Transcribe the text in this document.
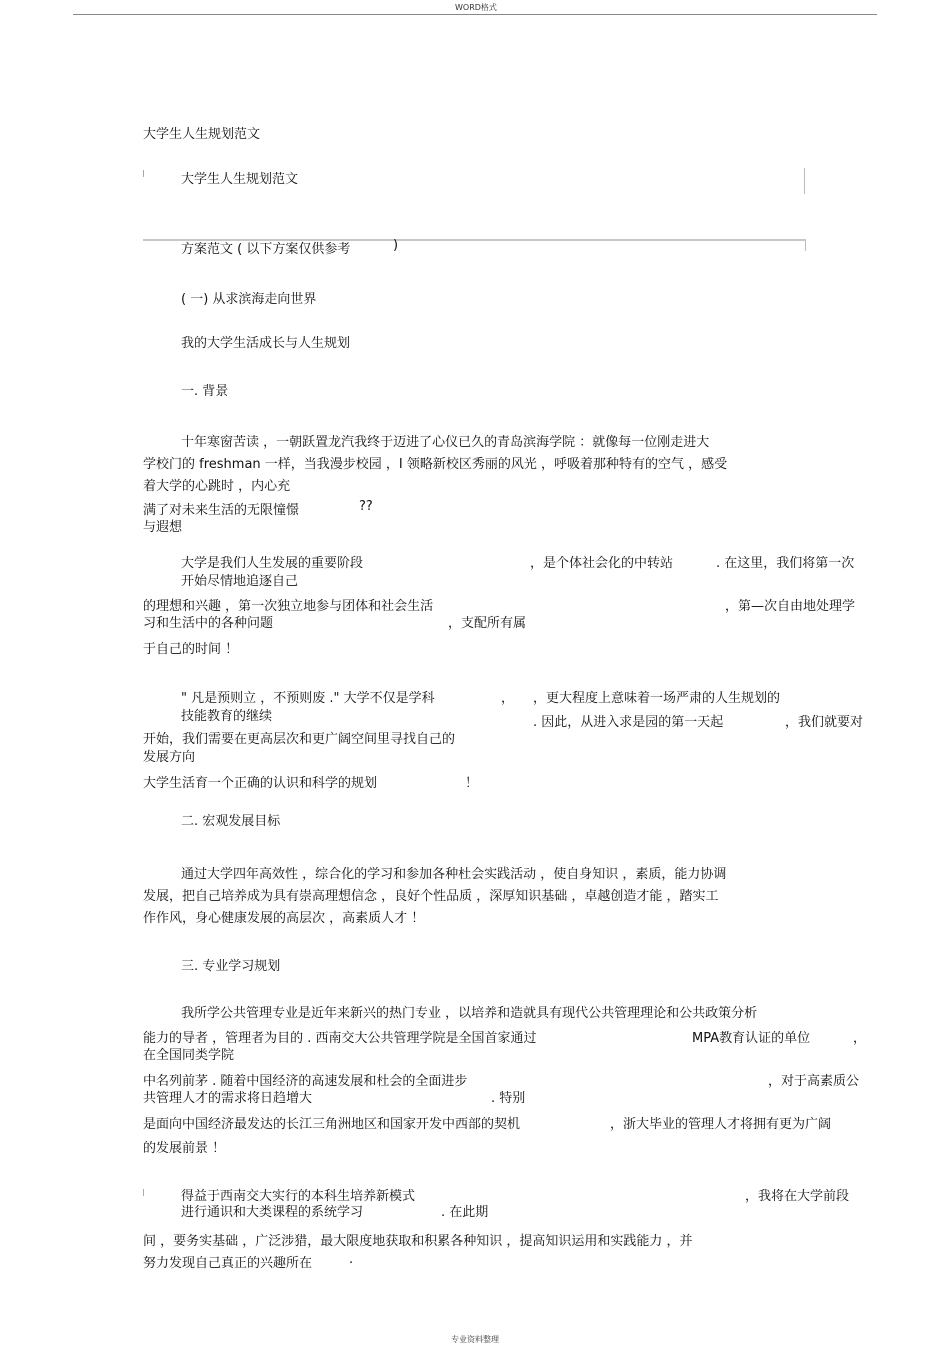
WORD格式
大学生人生规划范文
大学生人生规划范文
方案范文 ( 以下方案仅供参考	)
( 一) 从求滨海走向世界
我的大学生活成长与人生规划
一. 背景
十年寒窗苦读 ，一朝跃置龙汽我终于迈进了心仪已久的青岛滨海学院 ：就像每一位刚走进大
学校门的 freshman 一样，当我漫步校园 ，I 领略新校区秀丽的风光 ，呼吸着那种特有的空气 ，感受
着大学的心跳时 ，内心充
满了对未来生活的无限憧憬	??
与遐想
大学是我们人生发展的重要阶段	，是个体社会化的中转站	. 在这里，我们将第一次
开始尽情地追逐自己
的理想和兴趣 ，第一次独立地参与团体和社会生活	，第—次自由地处理学
习和生活中的各种问题	，支配所有属
于自己的时间 ！
" 凡是预则立 ，不预则废 ." 大学不仅是学科	， ，更大程度上意味着一场严肃的人生规划的
技能教育的继续	. 因此，从进入求是园的第一天起	，我们就要对
开始，我们需要在更高层次和更广阔空间里寻找自己的
发展方向
大学生活育一个正确的认识和科学的规划	！
二. 宏观发展目标
通过大学四年高效性 ，综合化的学习和参加各种杜会实践活动 ，使自身知识 ，素质，能力协调
发展，把自己培养成为具有崇高理想信念 ，良好个性品质 ，深厚知识基础 ，卓越创造才能 ，踏实工
作作风，身心健康发展的高层次 ，高素质人才 ！
三. 专业学习规划
我所学公共管理专业是近年来新兴的热门专业 ，以培养和造就具有现代公共管理理论和公共政策分析
能力的导者 ，管理者为目的 . 西南交大公共管理学院是全国首家通过	MPA教育认证的单位	，
在全国同类学院
中名列前茅 . 随着中国经济的高速发展和杜会的全面进步	，对于高素质公
共管理人才的需求将日趋增大	. 特别
是面向中国经济最发达的长江三角洲地区和国家开发中西部的契机	，浙大毕业的管理人才将拥有更为广阔
的发展前景 ！
得益于西南交大实行的本科生培养新模式	，我将在大学前段
进行通识和大类课程的系统学习	. 在此期
间 ，要务实基础 ，广泛涉猎，最大限度地获取和积累各种知识 ，提高知识运用和实践能力 ，并
努力发现自己真正的兴趣所在	.
专业资料整理
